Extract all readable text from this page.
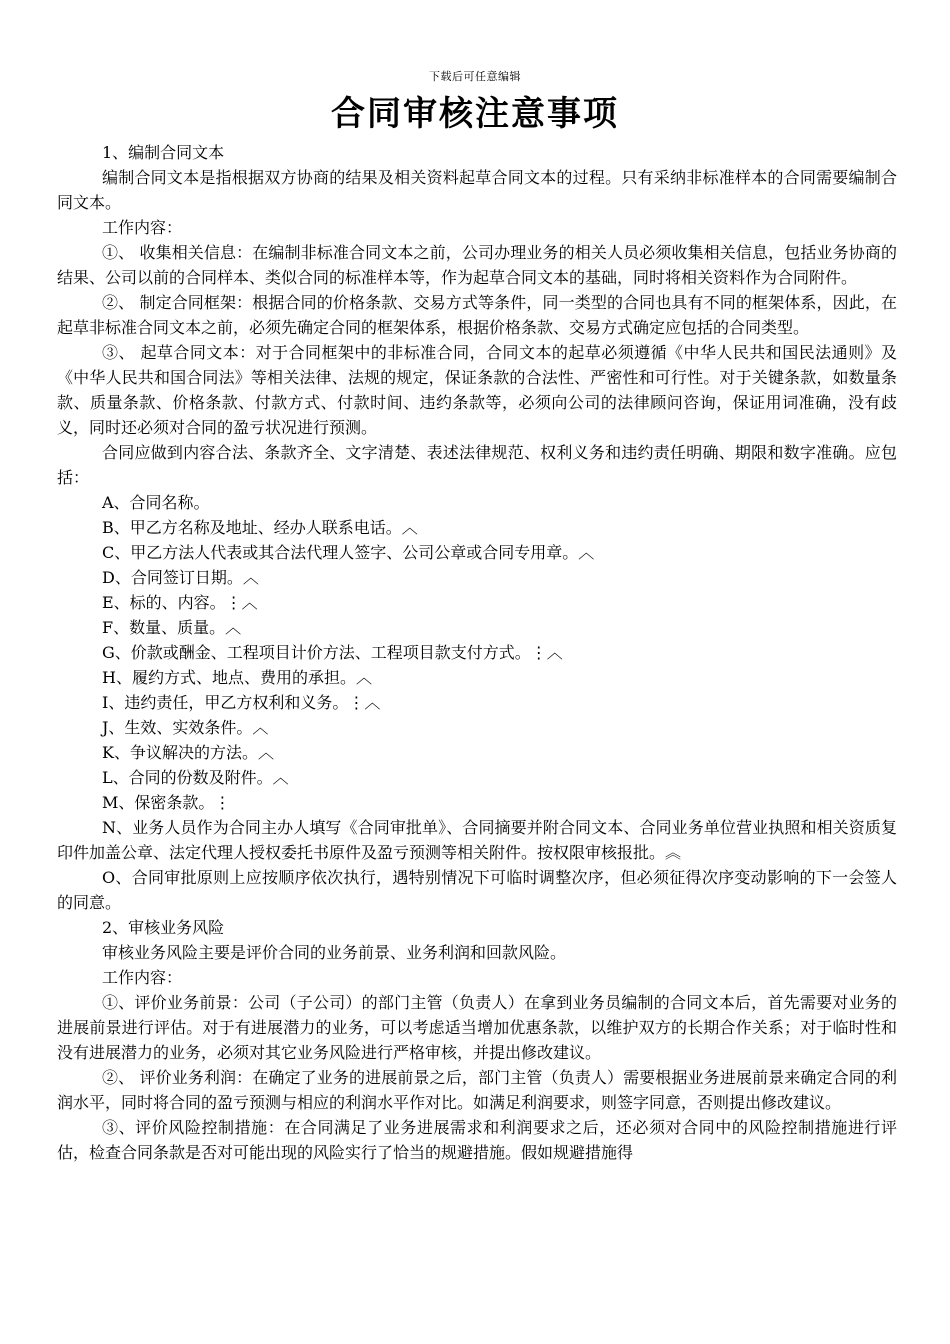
下载后可任意编辑
合同审核注意事项

1、编制合同文本

编制合同文本是指根据双方协商的结果及相关资料起草合同文本的过程。只有采纳非标准样本的合同需要编制合同文本。

工作内容：

①、 收集相关信息：在编制非标准合同文本之前，公司办理业务的相关人员必须收集相关信息，包括业务协商的结果、公司以前的合同样本、类似合同的标准样本等，作为起草合同文本的基础，同时将相关资料作为合同附件。

②、 制定合同框架：根据合同的价格条款、交易方式等条件，同一类型的合同也具有不同的框架体系，因此，在起草非标准合同文本之前，必须先确定合同的框架体系，根据价格条款、交易方式确定应包括的合同类型。

③、 起草合同文本：对于合同框架中的非标准合同，合同文本的起草必须遵循《中华人民共和国民法通则》及《中华人民共和国合同法》等相关法律、法规的规定，保证条款的合法性、严密性和可行性。对于关键条款，如数量条款、质量条款、价格条款、付款方式、付款时间、违约条款等，必须向公司的法律顾问咨询，保证用词准确，没有歧义，同时还必须对合同的盈亏状况进行预测。

合同应做到内容合法、条款齐全、文字清楚、表述法律规范、权利义务和违约责任明确、期限和数字准确。应包括：

A、合同名称。

B、甲乙方名称及地址、经办人联系电话。︿

C、甲乙方法人代表或其合法代理人签字、公司公章或合同专用章。︿

D、合同签订日期。︿

E、标的、内容。⋮︿

F、数量、质量。︿

G、价款或酬金、工程项目计价方法、工程项目款支付方式。⋮︿

H、履约方式、地点、费用的承担。︿

I、违约责任，甲乙方权利和义务。⋮︿

J、生效、实效条件。︿

K、争议解决的方法。︿

L、合同的份数及附件。︿

M、保密条款。⋮

N、业务人员作为合同主办人填写《合同审批单》、合同摘要并附合同文本、合同业务单位营业执照和相关资质复印件加盖公章、法定代理人授权委托书原件及盈亏预测等相关附件。按权限审核报批。︽

O、合同审批原则上应按顺序依次执行，遇特别情况下可临时调整次序，但必须征得次序变动影响的下一会签人的同意。

2、审核业务风险

审核业务风险主要是评价合同的业务前景、业务利润和回款风险。

工作内容：

①、评价业务前景：公司（子公司）的部门主管（负责人）在拿到业务员编制的合同文本后，首先需要对业务的进展前景进行评估。对于有进展潜力的业务，可以考虑适当增加优惠条款，以维护双方的长期合作关系；对于临时性和没有进展潜力的业务，必须对其它业务风险进行严格审核，并提出修改建议。

②、 评价业务利润：在确定了业务的进展前景之后，部门主管（负责人）需要根据业务进展前景来确定合同的利润水平，同时将合同的盈亏预测与相应的利润水平作对比。如满足利润要求，则签字同意，否则提出修改建议。

③、评价风险控制措施：在合同满足了业务进展需求和利润要求之后，还必须对合同中的风险控制措施进行评估，检查合同条款是否对可能出现的风险实行了恰当的规避措施。假如规避措施得
